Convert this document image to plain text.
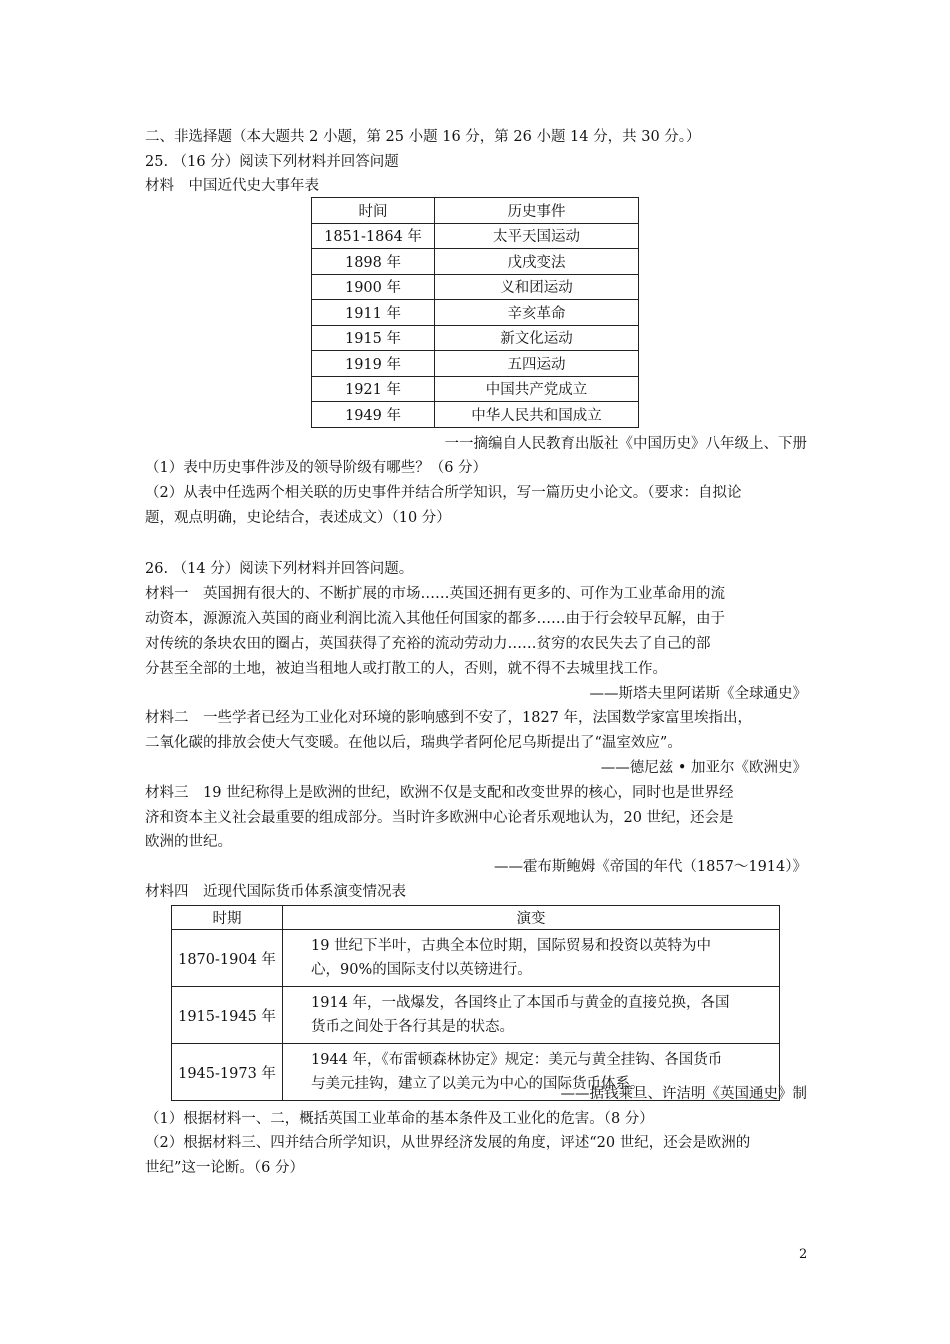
二、非选择题（本大题共 2 小题，第 25 小题 16 分，第 26 小题 14 分，共 30 分。）
25. （16 分）阅读下列材料并回答问题
材料　中国近代史大事年表
时间	历史事件
1851-1864 年	太平天国运动
1898 年	戊戌变法
1900 年	义和团运动
1911 年	辛亥革命
1915 年	新文化运动
1919 年	五四运动
1921 年	中国共产党成立
1949 年	中华人民共和国成立
一一摘编自人民教育出版社《中国历史》八年级上、下册
（1）表中历史事件涉及的领导阶级有哪些？（6 分）
（2）从表中任选两个相关联的历史事件并结合所学知识，写一篇历史小论文。（要求：自拟论
题，观点明确，史论结合，表述成文）（10 分）
26. （14 分）阅读下列材料并回答问题。
材料一　英国拥有很大的、不断扩展的市场……英国还拥有更多的、可作为工业革命用的流
动资本，源源流入英国的商业利润比流入其他任何国家的都多……由于行会较早瓦解，由于
对传统的条块农田的圈占，英国获得了充裕的流动劳动力……贫穷的农民失去了自己的部
分甚至全部的土地，被迫当租地人或打散工的人，否则，就不得不去城里找工作。
——斯塔夫里阿诺斯《全球通史》
材料二　一些学者已经为工业化对环境的影响感到不安了，1827 年，法国数学家富里埃指出，
二氧化碳的排放会使大气变暖。在他以后，瑞典学者阿伦尼乌斯提出了“温室效应”。
——德尼兹 • 加亚尔《欧洲史》
材料三　19 世纪称得上是欧洲的世纪，欧洲不仅是支配和改变世界的核心，同时也是世界经
济和资本主义社会最重要的组成部分。当时许多欧洲中心论者乐观地认为，20 世纪，还会是
欧洲的世纪。
——霍布斯鲍姆《帝国的年代（1857～1914）》
材料四　近现代国际货币体系演变情况表
时期	演变
1870-1904 年	19 世纪下半叶，古典全本位时期，国际贸易和投资以英特为中
心，90%的国际支付以英镑进行。

1915-1945 年	1914 年，一战爆发，各国终止了本国币与黄金的直接兑换，各国
货币之间处于各行其是的状态。

1945-1973 年	1944 年，《布雷顿森林协定》规定：美元与黄全挂钩、各国货币
与美元挂钩，建立了以美元为中心的国际货币体系。
——据钱乘旦、许洁明《英国通史》制
（1）根据材料一、二，概括英国工业革命的基本条件及工业化的危害。（8 分）
（2）根据材料三、四并结合所学知识，从世界经济发展的角度，评述“20 世纪，还会是欧洲的
世纪”这一论断。（6 分）
2
